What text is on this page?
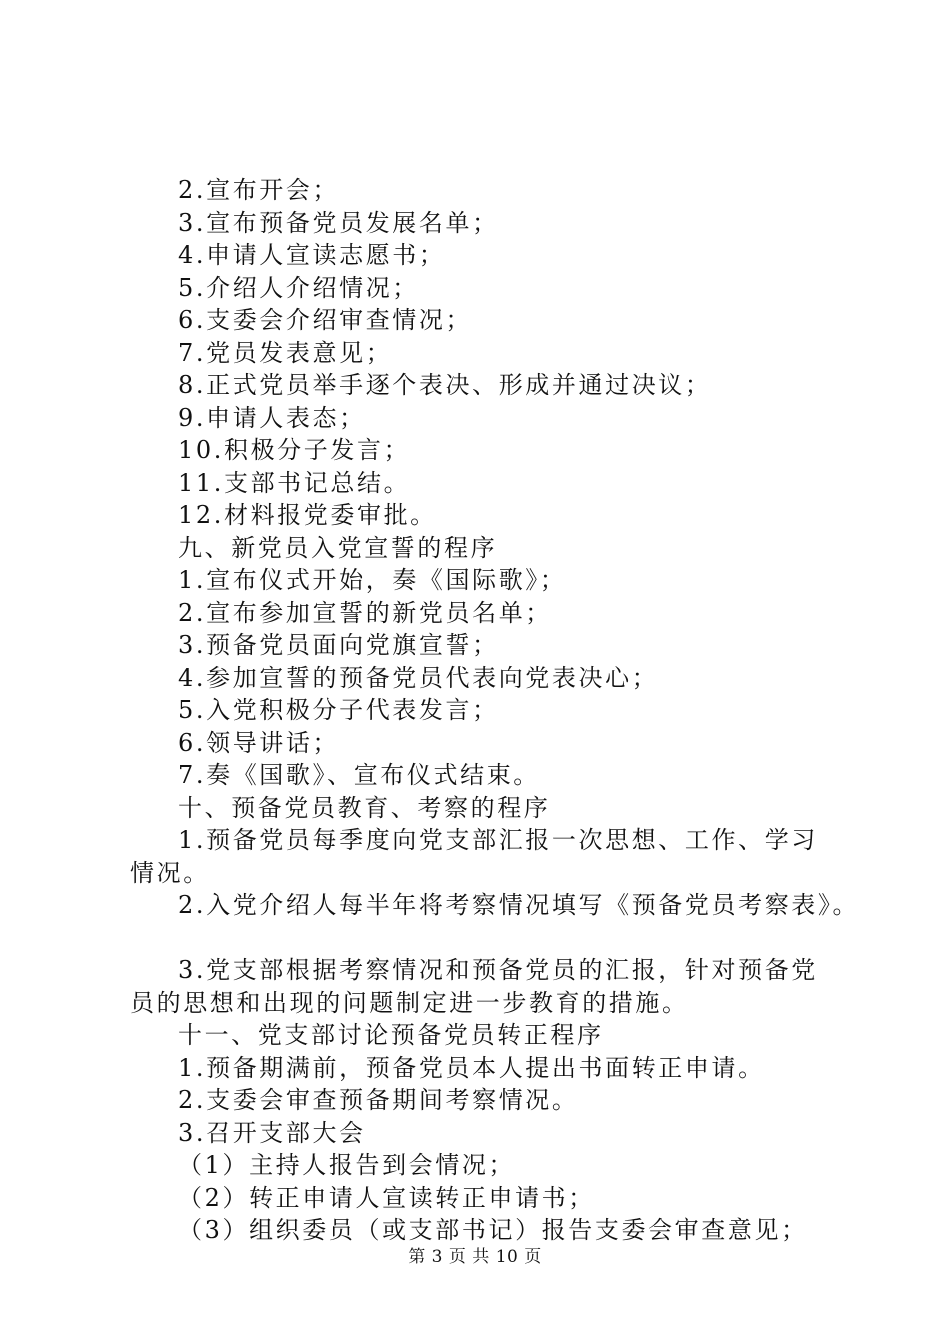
2.宣布开会；

3.宣布预备党员发展名单；

4.申请人宣读志愿书；

5.介绍人介绍情况；

6.支委会介绍审查情况；

7.党员发表意见；

8.正式党员举手逐个表决、形成并通过决议；

9.申请人表态；

10.积极分子发言；

11.支部书记总结。

12.材料报党委审批。

九、新党员入党宣誓的程序

1.宣布仪式开始，奏《国际歌》；

2.宣布参加宣誓的新党员名单；

3.预备党员面向党旗宣誓；

4.参加宣誓的预备党员代表向党表决心；

5.入党积极分子代表发言；

6.领导讲话；

7.奏《国歌》、宣布仪式结束。

十、预备党员教育、考察的程序

1.预备党员每季度向党支部汇报一次思想、工作、学习情况。

2.入党介绍人每半年将考察情况填写《预备党员考察表》。

3.党支部根据考察情况和预备党员的汇报，针对预备党员的思想和出现的问题制定进一步教育的措施。

十一、党支部讨论预备党员转正程序

1.预备期满前，预备党员本人提出书面转正申请。

2.支委会审查预备期间考察情况。

3.召开支部大会

（1）主持人报告到会情况；

（2）转正申请人宣读转正申请书；

（3）组织委员（或支部书记）报告支委会审查意见；

第 3 页 共 10 页
